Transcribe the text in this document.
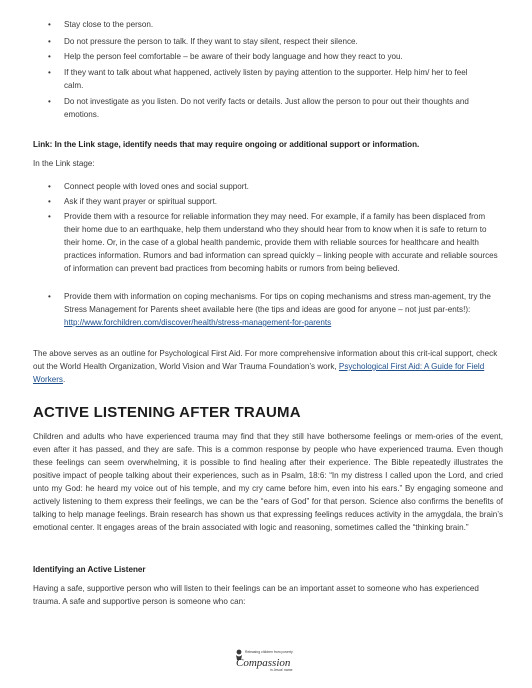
•	Stay close to the person.
•	Do not pressure the person to talk. If they want to stay silent, respect their silence.
•	Help the person feel comfortable – be aware of their body language and how they react to you.
•	If they want to talk about what happened, actively listen by paying attention to the supporter. Help him/ her to feel calm.
•	Do not investigate as you listen. Do not verify facts or details. Just allow the person to pour out their thoughts and emotions.
Link: In the Link stage, identify needs that may require ongoing or additional support or information.
In the Link stage:
•	Connect people with loved ones and social support.
•	Ask if they want prayer or spiritual support.
•	Provide them with a resource for reliable information they may need. For example, if a family has been displaced from their home due to an earthquake, help them understand who they should hear from to know when it is safe to return to their home. Or, in the case of a global health pandemic, provide them with reliable sources for healthcare and health practices information. Rumors and bad information can spread quickly – linking people with accurate and reliable sources of information can prevent bad practices from becoming habits or rumors from being believed.
•	Provide them with information on coping mechanisms. For tips on coping mechanisms and stress man-agement, try the Stress Management for Parents sheet available here (the tips and ideas are good for anyone – not just par-ents!): http://www.forchildren.com/discover/health/stress-management-for-parents
The above serves as an outline for Psychological First Aid. For more comprehensive information about this crit-ical support, check out the World Health Organization, World Vision and War Trauma Foundation’s work, Psychological First Aid: A Guide for Field Workers.
ACTIVE LISTENING AFTER TRAUMA
Children and adults who have experienced trauma may find that they still have bothersome feelings or mem-ories of the event, even after it has passed, and they are safe. This is a common response by people who have experienced trauma. Even though these feelings can seem overwhelming, it is possible to find healing after their experience. The Bible repeatedly illustrates the positive impact of people talking about their experiences, such as in Psalm, 18:6: “In my distress I called upon the Lord, and cried unto my God: he heard my voice out of his temple, and my cry came before him, even into his ears.” By engaging someone and actively listening to them express their feelings, we can be the “ears of God” for that person. Science also confirms the benefits of talking to help manage feelings. Brain research has shown us that expressing feelings reduces activity in the amygdala, the brain’s emotional center. It engages areas of the brain associated with logic and reasoning, sometimes called the “thinking brain.”
Identifying an Active Listener
Having a safe, supportive person who will listen to their feelings can be an important asset to someone who has experienced trauma. A safe and supportive person is someone who can:
Releasing children from poverty
Compassion
in Jesus' name
